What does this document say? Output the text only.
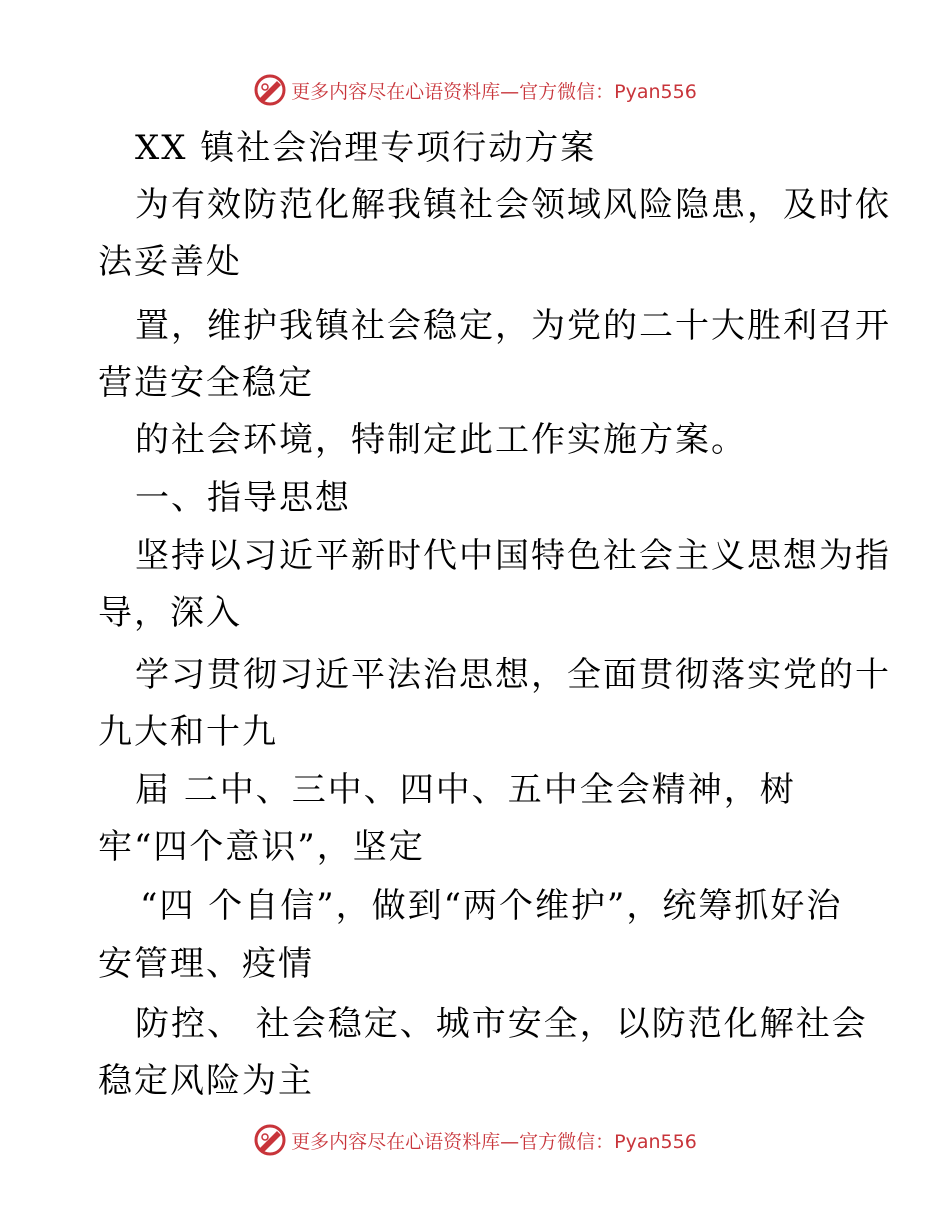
更多内容尽在心语资料库—官方微信：Pyan556
XX 镇社会治理专项行动方案
为有效防范化解我镇社会领域风险隐患，及时依
法妥善处
置，维护我镇社会稳定，为党的二十大胜利召开
营造安全稳定
的社会环境，特制定此工作实施方案。
一、指导思想
坚持以习近平新时代中国特色社会主义思想为指
导，深入
学习贯彻习近平法治思想，全面贯彻落实党的十
九大和十九
届 二中、三中、四中、五中全会精神，树
牢“四个意识”，坚定
“四 个自信”，做到“两个维护”，统筹抓好治
安管理、疫情
防控、 社会稳定、城市安全，以防范化解社会
稳定风险为主
更多内容尽在心语资料库—官方微信：Pyan556
